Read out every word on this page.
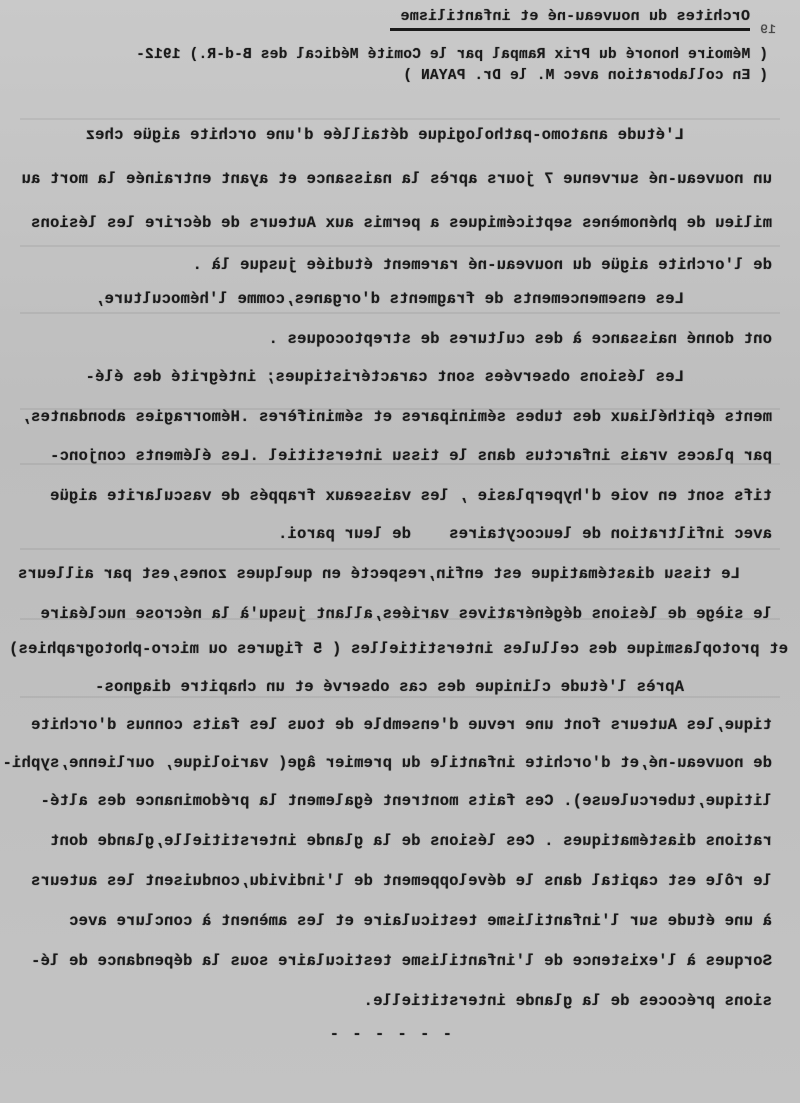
19
Orchites du nouveau-né et infantilisme
( Mémoire honoré du Prix Rampal par le Comité Médical des B-d-R.) 1912-
( En collaboration avec M. le Dr. PAYAN )
L'étude anatomo-pathologique détaillée d'une orchite aigüe chez
un nouveau-né survenue 7 jours après la naissance et ayant entrainée la mort au
milieu de phénomènes septicémiques a permis aux Auteurs de décrire les lésions
de l'orchite aigüe du nouveau-né rarement étudiée jusque là .
Les ensemencements de fragments d'organes,comme l'hémoculture,
ont donné naissance à des cultures de streptocoques .
Les lésions observées sont caractéristiques; intégrité des élé-
ments épithéliaux des tubes séminipares et séminifères .Hémorragies abondantes,
par places vrais infarctus dans le tissu interstitiel .Les éléments conjonc-
tifs sont en voie d'hyperplasie , les vaisseaux frappés de vascularite aigüe
avec infiltration de leucocytaires    de leur paroi.
Le tissu diastématique est enfin,respecté en quelques zones,est par ailleurs
le siège de lésions dégénératives variées,allant jusqu'à la nécrose nucléaire
et protoplasmique des cellules interstitielles ( 5 figures ou micro-photographies)
Après l'étude clinique des cas observé et un chapitre diagnos-
tique,les Auteurs font une revue d'ensemble de tous les faits connus d'orchite
de nouveau-né,et d'orchite infantile du premier âge( variolique, ourlienne,syphi-
litique,tuberculeuse). Ces faits montrent également la prédominance des alté-
rations diastématiques . Ces lésions de la glande interstitielle,glande dont
le rôle est capital dans le développement de l'individu,conduisent les auteurs
à une étude sur l'infantilisme testiculaire et les amènent à conclure avec
Sorques à l'existence de l'infantilisme testiculaire sous la dépendance de lé-
sions précoces de la glande interstitielle.
- - - - - -
